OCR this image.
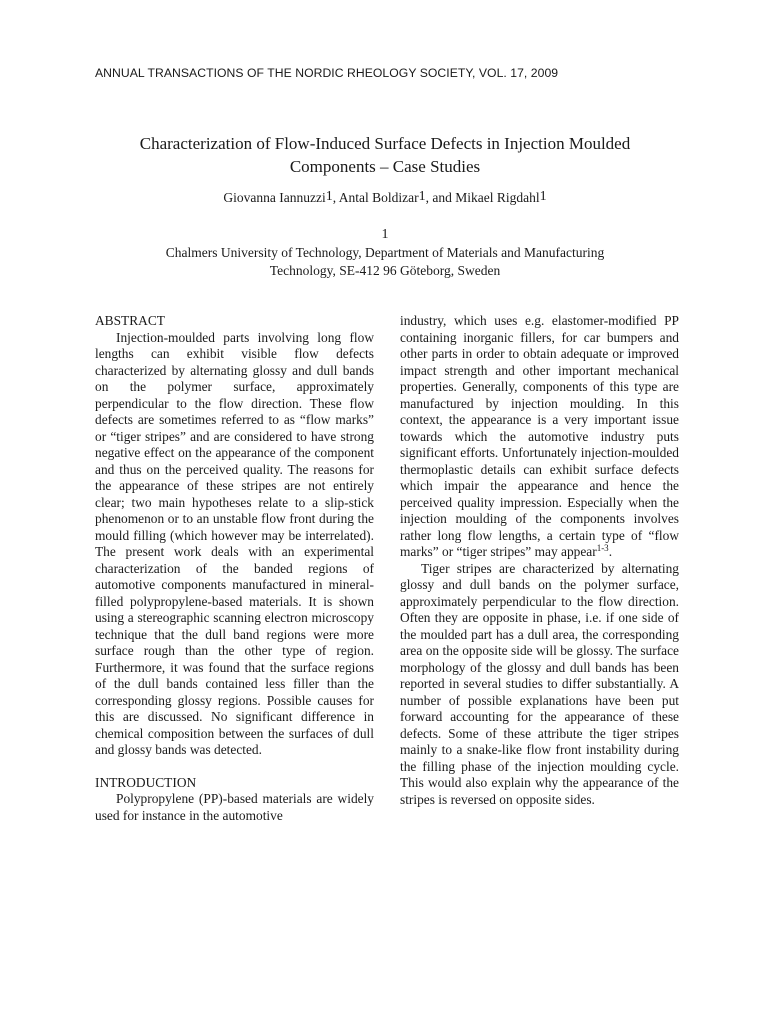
ANNUAL TRANSACTIONS OF THE NORDIC RHEOLOGY SOCIETY, VOL. 17, 2009
Characterization of Flow-Induced Surface Defects in Injection Moulded
Components – Case Studies
Giovanna Iannuzzi1, Antal Boldizar1, and Mikael Rigdahl1
1
Chalmers University of Technology, Department of Materials and Manufacturing
Technology, SE-412 96 Göteborg, Sweden

ABSTRACT

Injection-moulded parts involving long flow lengths can exhibit visible flow defects characterized by alternating glossy and dull bands on the polymer surface, approximately perpendicular to the flow direction. These flow defects are sometimes referred to as “flow marks” or “tiger stripes” and are considered to have strong negative effect on the appearance of the component and thus on the perceived quality. The reasons for the appearance of these stripes are not entirely clear; two main hypotheses relate to a slip-stick phenomenon or to an unstable flow front during the mould filling (which however may be interrelated). The present work deals with an experimental characterization of the banded regions of automotive components manufactured in mineral-filled polypropylene-based materials. It is shown using a stereographic scanning electron microscopy technique that the dull band regions were more surface rough than the other type of region. Furthermore, it was found that the surface regions of the dull bands contained less filler than the corresponding glossy regions. Possible causes for this are discussed. No significant difference in chemical composition between the surfaces of dull and glossy bands was detected.

INTRODUCTION

Polypropylene (PP)-based materials are widely used for instance in the automotive

industry, which uses e.g. elastomer-modified PP containing inorganic fillers, for car bumpers and other parts in order to obtain adequate or improved impact strength and other important mechanical properties. Generally, components of this type are manufactured by injection moulding. In this context, the appearance is a very important issue towards which the automotive industry puts significant efforts. Unfortunately injection-moulded thermoplastic details can exhibit surface defects which impair the appearance and hence the perceived quality impression. Especially when the injection moulding of the components involves rather long flow lengths, a certain type of “flow marks” or “tiger stripes” may appear$^{1-3}$.

Tiger stripes are characterized by alternating glossy and dull bands on the polymer surface, approximately perpendicular to the flow direction. Often they are opposite in phase, i.e. if one side of the moulded part has a dull area, the corresponding area on the opposite side will be glossy. The surface morphology of the glossy and dull bands has been reported in several studies to differ substantially. A number of possible explanations have been put forward accounting for the appearance of these defects. Some of these attribute the tiger stripes mainly to a snake-like flow front instability during the filling phase of the injection moulding cycle. This would also explain why the appearance of the stripes is reversed on opposite sides.
